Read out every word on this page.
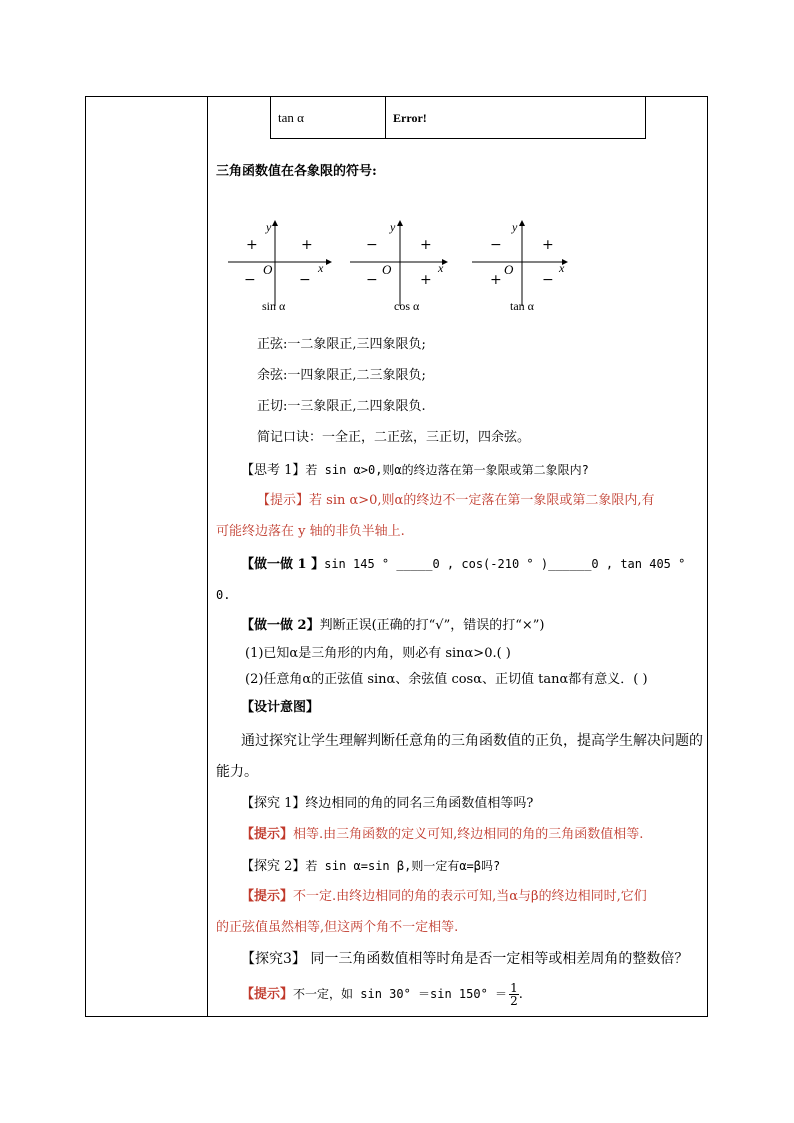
tan α	Error!
三角函数值在各象限的符号:
y
x
O
+
+
−	−
sin α
y
x
O
+
−
−	+
cos α
y
x
O
+
−
+	−
tan α
正弦:一二象限正,三四象限负;
余弦:一四象限正,二三象限负;
正切:一三象限正,二四象限负.
简记口诀：一全正，二正弦，三正切，四余弦。
【思考 1】若 sin α>0,则α的终边落在第一象限或第二象限内?
【提示】若 sin α>0,则α的终边不一定落在第一象限或第二象限内,有
可能终边落在 y 轴的非负半轴上.
【做一做 1 】sin 145 ° _____0 , cos(-210 ° )______0 , tan 405 °
0.
【做一做 2】判断正误(正确的打“√”，错误的打“×”)
(1)已知α是三角形的内角，则必有 sinα>0.( )
(2)任意角α的正弦值 sinα、余弦值 cosα、正切值 tanα都有意义．( )
【设计意图】
通过探究让学生理解判断任意角的三角函数值的正负，提高学生解决问题的
能力。
【探究 1】终边相同的角的同名三角函数值相等吗?
【提示】相等.由三角函数的定义可知,终边相同的角的三角函数值相等.
【探究 2】若 sin α=sin β,则一定有α=β吗?
【提示】不一定.由终边相同的角的表示可知,当α与β的终边相同时,它们
的正弦值虽然相等,但这两个角不一定相等.
【探究3】 同一三角函数值相等时角是否一定相等或相差周角的整数倍？
【提示】不一定，如 sin 30° ＝sin $150^\circ = \frac{1}{2}$ .
